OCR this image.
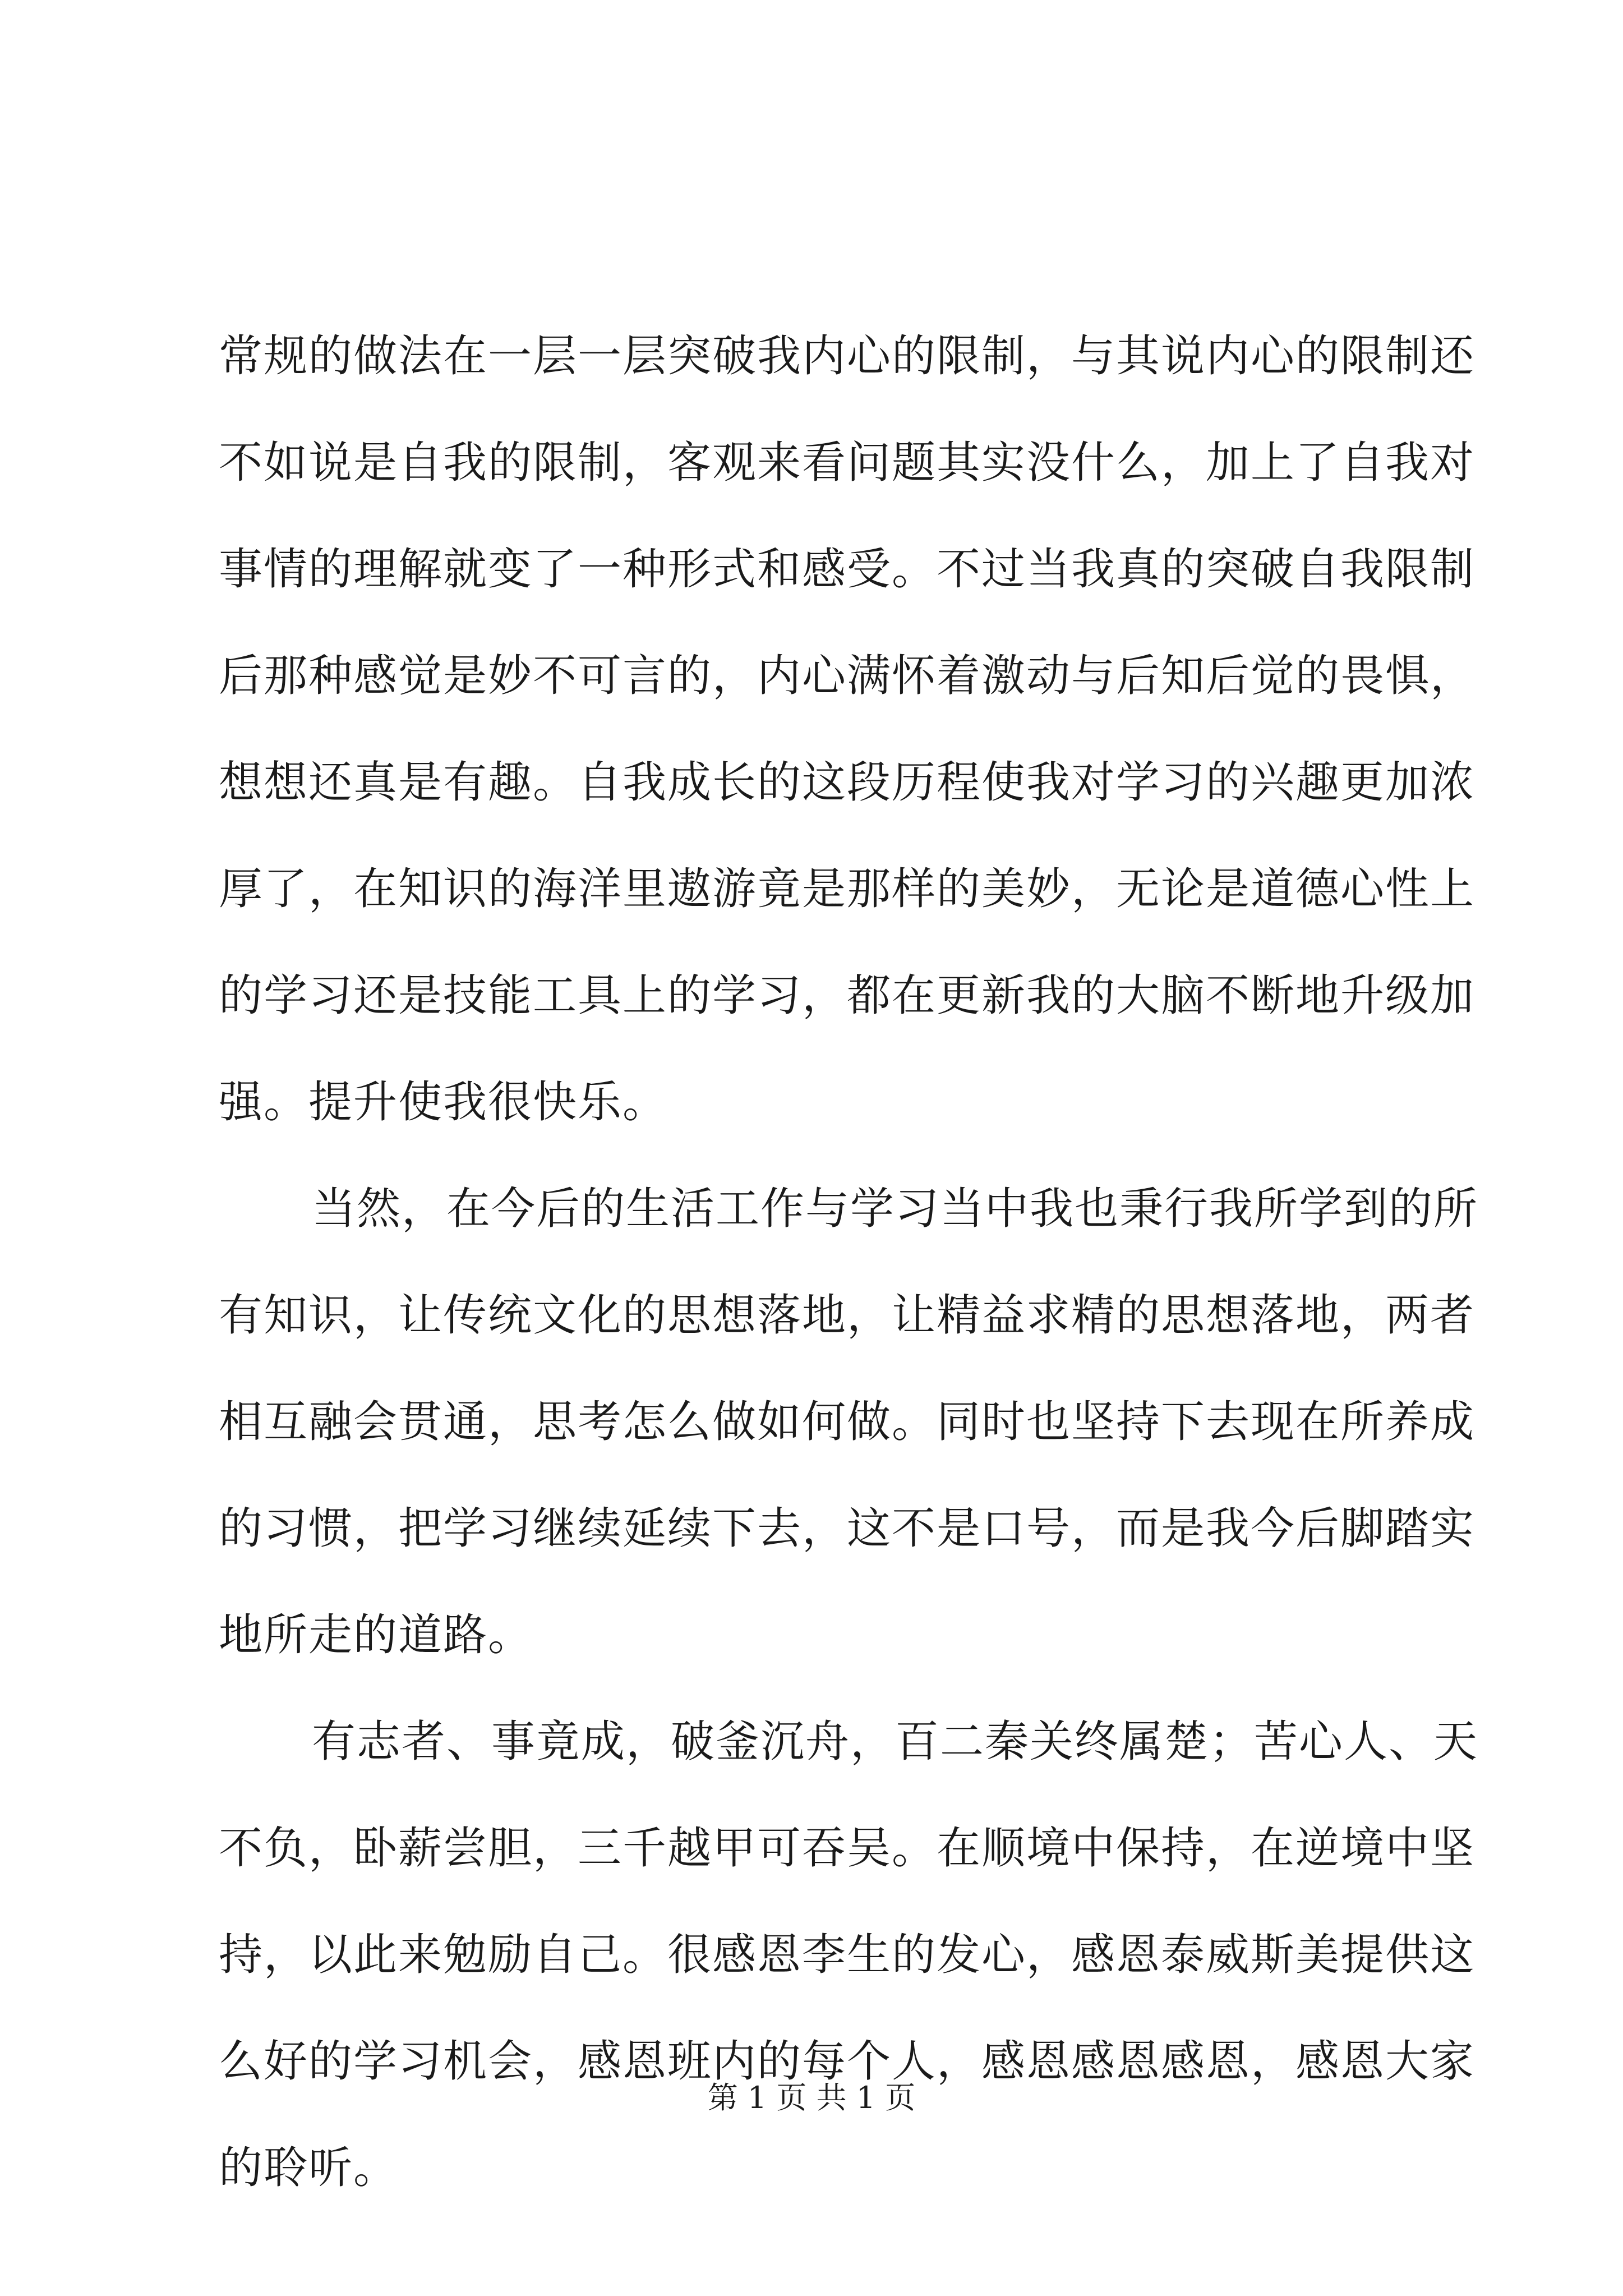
常规的做法在一层一层突破我内心的限制，与其说内心的限制还
不如说是自我的限制，客观来看问题其实没什么，加上了自我对
事情的理解就变了一种形式和感受。不过当我真的突破自我限制
后那种感觉是妙不可言的，内心满怀着激动与后知后觉的畏惧，
想想还真是有趣。自我成长的这段历程使我对学习的兴趣更加浓
厚了，在知识的海洋里遨游竟是那样的美妙，无论是道德心性上
的学习还是技能工具上的学习，都在更新我的大脑不断地升级加
强。提升使我很快乐。
当然，在今后的生活工作与学习当中我也秉行我所学到的所
有知识，让传统文化的思想落地，让精益求精的思想落地，两者
相互融会贯通，思考怎么做如何做。同时也坚持下去现在所养成
的习惯，把学习继续延续下去，这不是口号，而是我今后脚踏实
地所走的道路。
有志者、事竟成，破釜沉舟，百二秦关终属楚；苦心人、天
不负，卧薪尝胆，三千越甲可吞吴。在顺境中保持，在逆境中坚
持，以此来勉励自己。很感恩李生的发心，感恩泰威斯美提供这
么好的学习机会，感恩班内的每个人，感恩感恩感恩，感恩大家
的聆听。
第 1 页 共 1 页
